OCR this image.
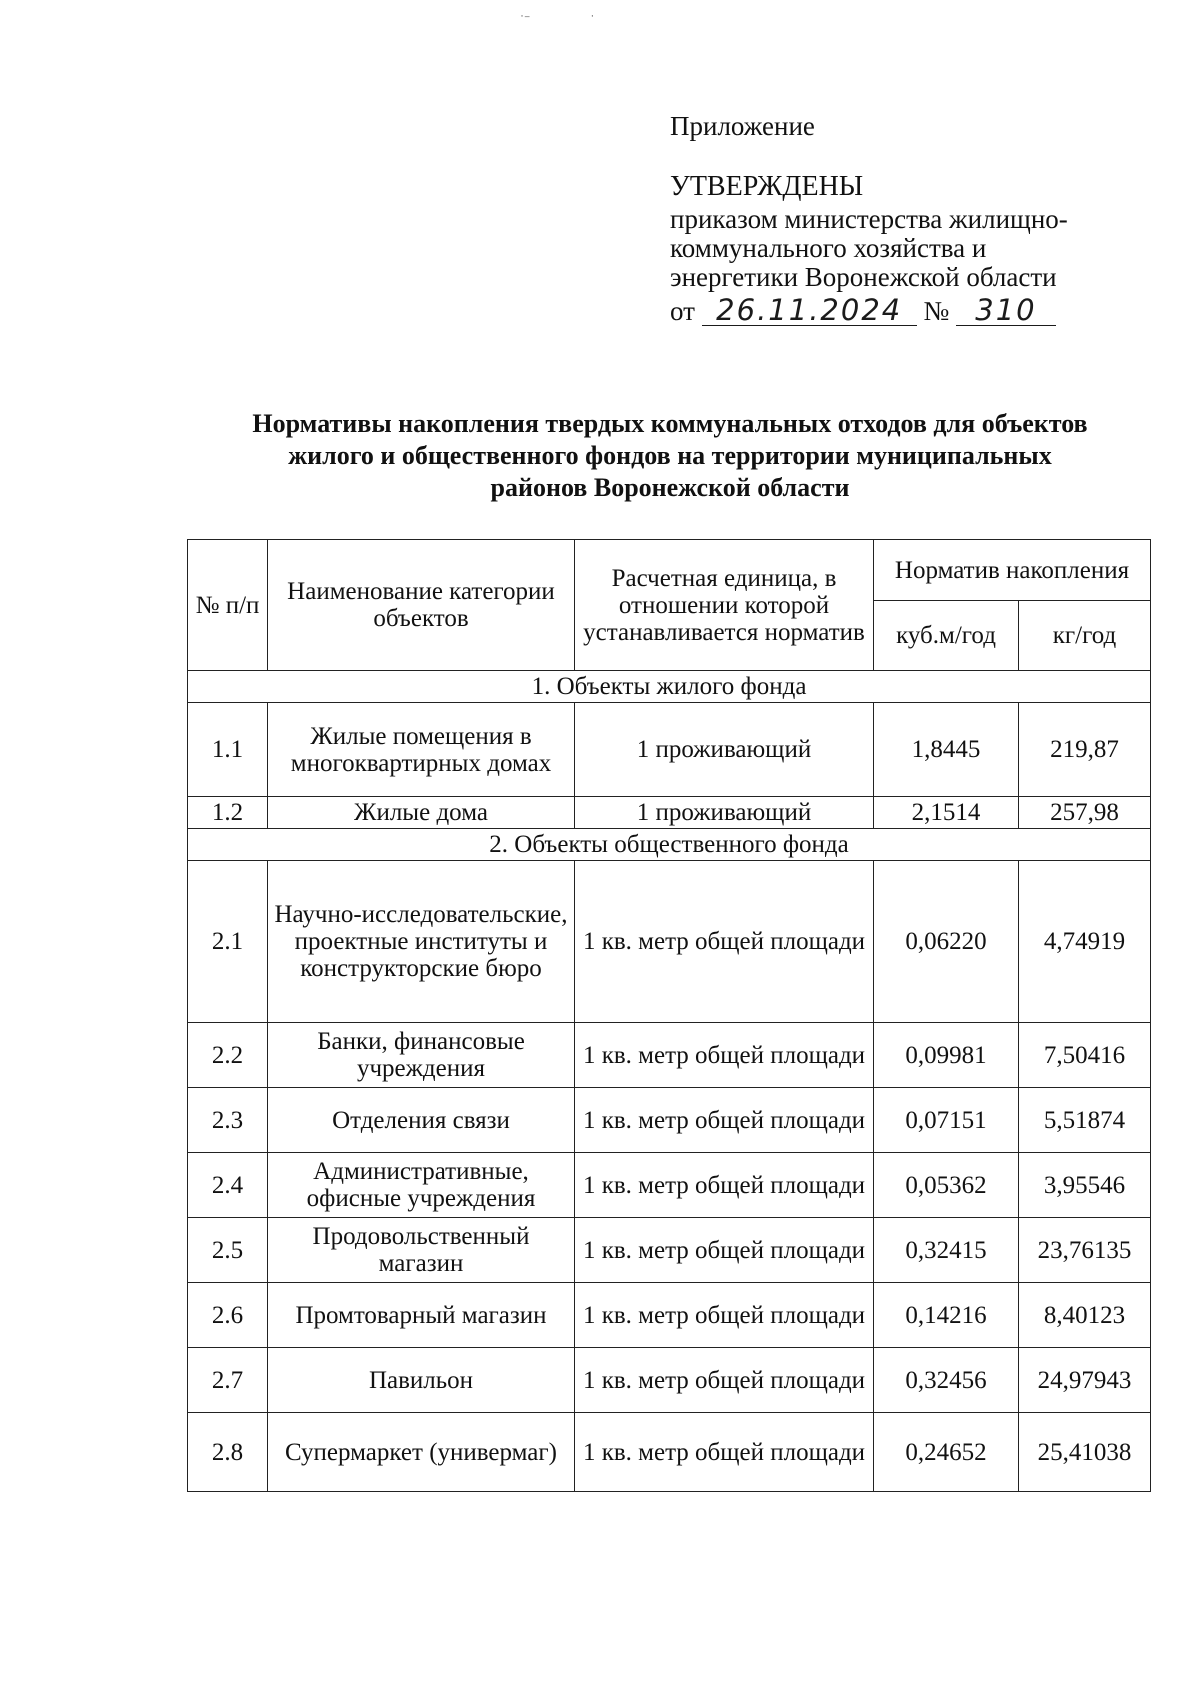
˙⁻                    ˙
Приложение
УТВЕРЖДЕНЫ
приказом министерства жилищно-
коммунального хозяйства и
энергетики Воронежской области
от 26.11.2024 № 310
Нормативы накопления твердых коммунальных отходов для объектов
жилого и общественного фондов на территории муниципальных
районов Воронежской области
№ п/п	Наименование категории объектов	Расчетная единица, в отношении которой устанавливается норматив	Норматив накопления	
			куб.м/год	кг/год
1. Объекты жилого фонда				
1.1	Жилые помещения в многоквартирных домах	1 проживающий	1,8445	219,87
1.2	Жилые дома	1 проживающий	2,1514	257,98
2. Объекты общественного фонда				
2.1	Научно-исследовательские, проектные институты и конструкторские бюро	1 кв. метр общей площади	0,06220	4,74919
2.2	Банки, финансовые учреждения	1 кв. метр общей площади	0,09981	7,50416
2.3	Отделения связи	1 кв. метр общей площади	0,07151	5,51874
2.4	Административные, офисные учреждения	1 кв. метр общей площади	0,05362	3,95546
2.5	Продовольственный магазин	1 кв. метр общей площади	0,32415	23,76135
2.6	Промтоварный магазин	1 кв. метр общей площади	0,14216	8,40123
2.7	Павильон	1 кв. метр общей площади	0,32456	24,97943
2.8	Супермаркет (универмаг)	1 кв. метр общей площади	0,24652	25,41038
